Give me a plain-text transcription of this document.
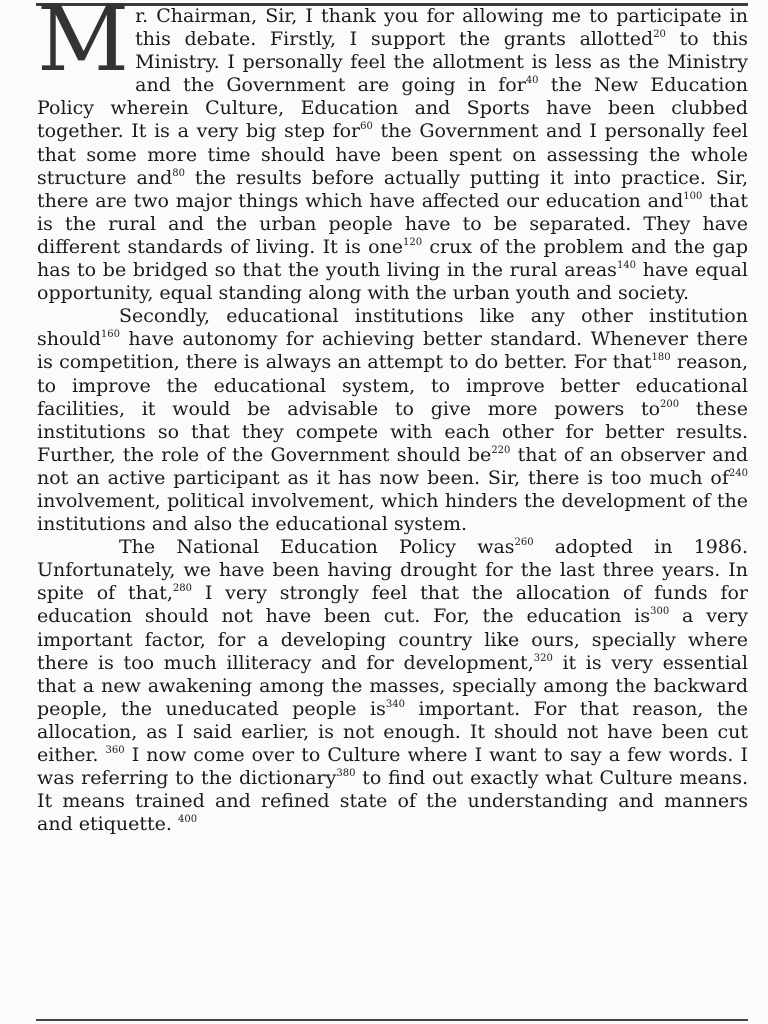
M r. Chairman, Sir, I thank you for allowing me to participate in this debate. Firstly, I support the grants allotted$^{20}$ to this Ministry. I personally feel the allotment is less as the Ministry and the Government are going in for$^{40}$ the New Education Policy wherein Culture, Education and Sports have been clubbed together. It is a very big step for$^{60}$ the Government and I personally feel that some more time should have been spent on assessing the whole structure and$^{80}$ the results before actually putting it into practice. Sir, there are two major things which have affected our education and$^{100}$ that is the rural and the urban people have to be separated. They have different standards of living. It is one$^{120}$ crux of the problem and the gap has to be bridged so that the youth living in the rural areas$^{140}$ have equal opportunity, equal standing along with the urban youth and society.

Secondly, educational institutions like any other institution should$^{160}$ have autonomy for achieving better standard. Whenever there is competition, there is always an attempt to do better. For that$^{180}$ reason, to improve the educational system, to improve better educational facilities, it would be advisable to give more powers $to^{200}$ these institutions so that they compete with each other for better results. Further, the role of the Government should $be^{220}$ that of an observer and not an active participant as it has now been. Sir, there is too much $of^{240}$ involvement, political involvement, which hinders the development of the institutions and also the educational system.

The National Education Policy was$^{260}$ adopted in 1986. Unfortunately, we have been having drought for the last three years. In spite of that,$^{280}$ I very strongly feel that the allocation of funds for education should not have been cut. For, the education $is^{300}$ a very important factor, for a developing country like ours, specially where there is too much illiteracy and for development,$^{320}$ it is very essential that a new awakening among the masses, specially among the backward people, the uneducated people $is^{340}$ important. For that reason, the allocation, as I said earlier, is not enough. It should not have been cut either. $^{360}$ I now come over to Culture where I want to say a few words. I was referring to the dictionary$^{380}$ to find out exactly what Culture means. It means trained and refined state of the understanding and manners and etiquette. $^{400}$
